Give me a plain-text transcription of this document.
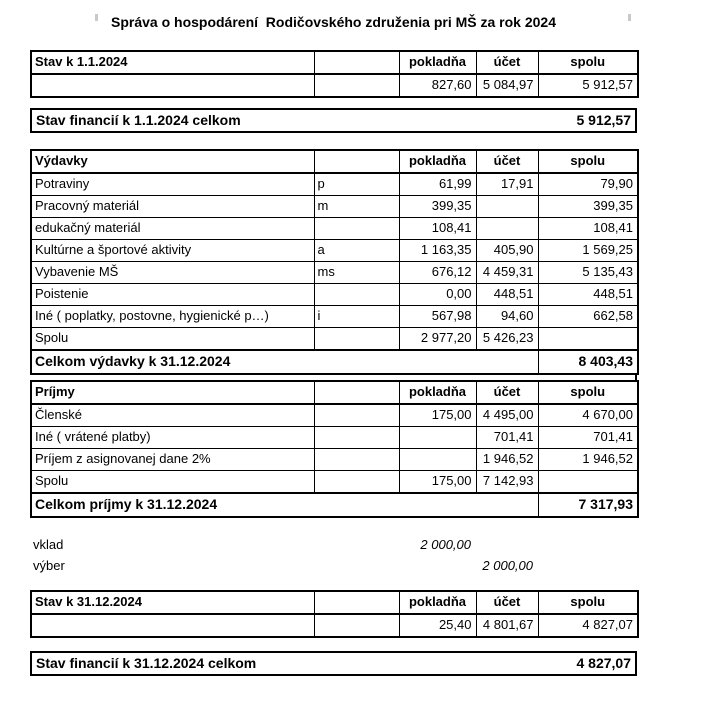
Správa o hospodárení  Rodičovského združenia pri MŠ za rok 2024
Stav k 1.1.2024		pokladňa	účet	spolu
		827,60	5 084,97	5 912,57
Stav financií k 1.1.2024 celkom	5 912,57
Výdavky		pokladňa	účet	spolu
Potraviny	p	61,99	17,91	79,90
Pracovný materiál	m	399,35		399,35
edukačný materiál		108,41		108,41
Kultúrne a športové aktivity	a	1 163,35	405,90	1 569,25
Vybavenie MŠ	ms	676,12	4 459,31	5 135,43
Poistenie		0,00	448,51	448,51
Iné ( poplatky, postovne, hygienické p…)	i	567,98	94,60	662,58
Spolu		2 977,20	5 426,23	
Celkom výdavky k 31.12.2024				8 403,43
Príjmy		pokladňa	účet	spolu
Členské		175,00	4 495,00	4 670,00
Iné ( vrátené platby)			701,41	701,41
Príjem z asignovanej dane 2%			1 946,52	1 946,52
Spolu		175,00	7 142,93	
Celkom príjmy k 31.12.2024				7 317,93
vklad		2 000,00		
výber			2 000,00	
Stav k 31.12.2024		pokladňa	účet	spolu
		25,40	4 801,67	4 827,07
Stav financií k 31.12.2024 celkom	4 827,07
